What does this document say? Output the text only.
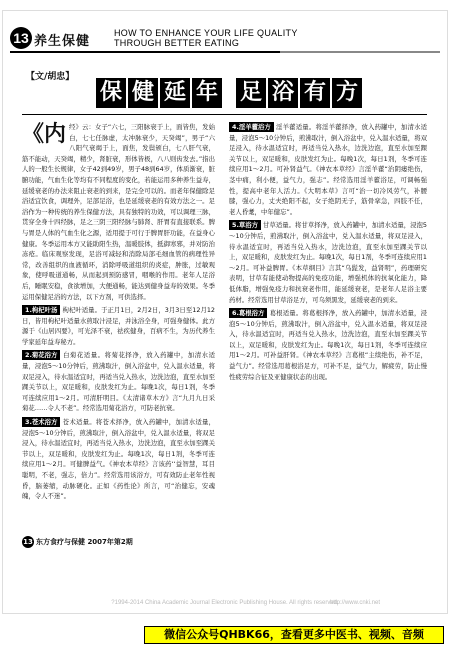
13 养生保健
HOW TO ENHANCE YOUR LIFE QUALITY
THROUGH BETTER EATING
【文/胡忠】
保 健 延 年 足 浴 有 方

《内经》云：女子“六七，三阳脉衰于上，面皆焦，发始白，七七任脉虚，太冲脉衰少，天癸竭”，男子“六八阳气衰竭于上，面焦，发鬓颁白，七八肝气衰，筋不能动，天癸竭，精少，肾脏衰，形体皆极，八八则齿发去。”指出人的一般生长规律，女子42到49岁，男子48到64岁，体质渐衰，脏腑功能，气血生化等均有不同程度的变化，若能运用多种养生益寿，延缓衰老的办法来阻止衰老的到来，是完全可以的。而老年保健除足浴适宜饮食，调理外，足部足浴，也是延缓衰老的有效方法之一。足浴作为一种传统的养生保健方法，具有独特的功效，可以调理三脉，贯穿全身十四经脉，足之三阴三阳经脉与肺肾、肝胃有直接联系。脾与胃是人体的气血生化之源，适用提于可行于脾胃肝功能，在益身心健康。冬季运用本方又能助阳生热，温暖肢体，抵御寒邪，并对防治冻疮。临床观察发现，足浴可减轻和消除局部毛细血管的病理性异常，改善组织的血液循环，消除呼吸道组织的炎症，肿胀，过敏观象，使呼吸道通畅，从而起到预防感冒，咽喉的作用。老年人足浴后，睡眠安稳，食欲增加，大便通畅，能达到健身益寿的效果。冬季运用保健足浴的方法，以下方剂，可供选择。

1.枸杞叶汤 枸杞叶适量。于正月1日，2月2日，3月3日至12月12日，皆用枸杞叶适量水煎取汁浸足，并泳浴全身，可强身健体。此方源于《山居四要》，可光泽不衰，祛疾健身，百病不生，为历代养生学家延年益寿秘方。

2.菊花浴方 白菊花适量。将菊花择净，放入药罐中，加清水适量，浸泡5～10分钟后，煎沸取汁，倒入浴盆中，兑入温水适量，将双足浸入，待水温适宜时，再适当兑入热水，边洗边泡，直至水加至踝关节以上，双足暖和，皮肤发红为止。每晚1次，每日1剂，冬季可连续应用1～2月。可清肝明目。《太清诸草木方》言“九月九日采菊花……令人不老”。经常选用菊花浴方，可防老抗衰。

3.苍术浴方 苍术适量。将苍术择净，放入药罐中，加清水适量，浸泡5～10分钟后，煎沸取汁，倒入浴盆中，兑入温水适量，将双足浸入，待水温适宜时，再适当兑入热水，边洗边泡，直至水加至踝关节以上，双足暖和，皮肤发红为止。每晚1次，每日1剂，冬季可连续应用1～2月。可健脾益气。《神农本草经》言该药‘‘益智慧，耳目聪明，不老，强志，倍力”。经常选用该浴方，可有效防止老年性视昏，脑萎缩，动脉硬化。正如《药性论》所言，可“治健忘，安魂魄，令人不迷”。

4.淫羊藿浴方 淫羊藿适量。将淫羊藿择净，放入药罐中，加清水适量，浸泡5～10分钟后，煎沸取汁，倒入浴盆中，兑入温水适量，将双足浸入，待水温适宜时，再适当兑入热水，边洗边泡，直至水加至踝关节以上，双足暖和，皮肤发红为止。每晚1次，每日1剂，冬季可连续应用1～2月。可补肾益气。《神农本草经》言淫羊藿“治阴痿绝伤，茎中痛，利小便，益气力，强志”。经常选用淫羊藿浴足，可调畅强性，提高中老年人活力。《大明本草》言可“治一切冷风劳气，补腰膝，强心力，丈夫绝阳不起，女子绝阴无子，筋骨挛急，四肢不任，老人昏耄，中年健忘”。

5.草浴方 甘草适量。将甘草择净，放入药罐中，加清水适量，浸泡5～10分钟后，煎沸取汁，倒入浴盆中，兑入温水适量，将双足浸入，待水温适宜时，再适当兑入热水，边洗边泡，直至水加至踝关节以上，双足暖和，皮肤发红为止。每晚1次，每日1剂，冬季可连续应用1～2月。可补益脾胃。《本草纲目》言其“乌髭发，益肾明”，药理研究表明，甘草有能使动物提高的免疫功能，增强机体的抗氧化能力，降低体脂，增强免疫力和抗衰老作用，能延缓衰老，是老年人足浴主要药材。经常选用甘草浴足方，可乌须黑发，延缓衰老的到来。

6.葛根浴方 葛根适量。将葛根择净，放入药罐中，加清水适量，浸泡5～10分钟后，煎沸取汁，倒入浴盆中，兑入温水适量，将双足浸入，待水温适宜时，再适当兑入热水，边洗边泡，直至水加至踝关节以上，双足暖和，皮肤发红为止。每晚1次，每日1剂，冬季可连续应用1～2月。可补益肝肾。《神农本草经》言葛根“主续绝伤，补不足，益气力”。经常选用葛根浴足方，可补不足，益气力，解疲劳，防止慢性疲劳综合征及亚健康状态的出现。

13 东方食疗与保健 2007年第2期
?1994-2014 China Academic Journal Electronic Publishing House. All rights reserved.
http://www.cnki.net
微信公众号QHBK66，查看更多中医书、视频、音频
